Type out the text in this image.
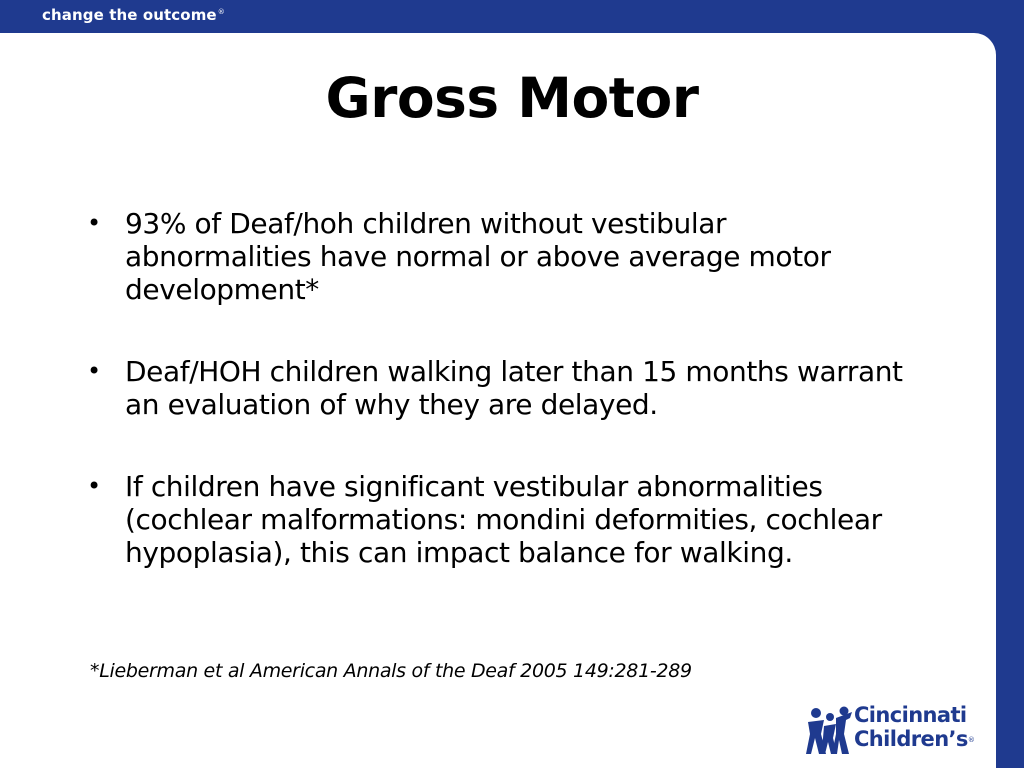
change the outcome®
Gross Motor
• 93% of Deaf/hoh children without vestibular abnormalities have normal or above average motor development*
• Deaf/HOH children walking later than 15 months warrant an evaluation of why they are delayed.
• If children have significant vestibular abnormalities (cochlear malformations: mondini deformities, cochlear hypoplasia), this can impact balance for walking.
*Lieberman et al American Annals of the Deaf 2005 149:281-289
Cincinnati
Children’s®
